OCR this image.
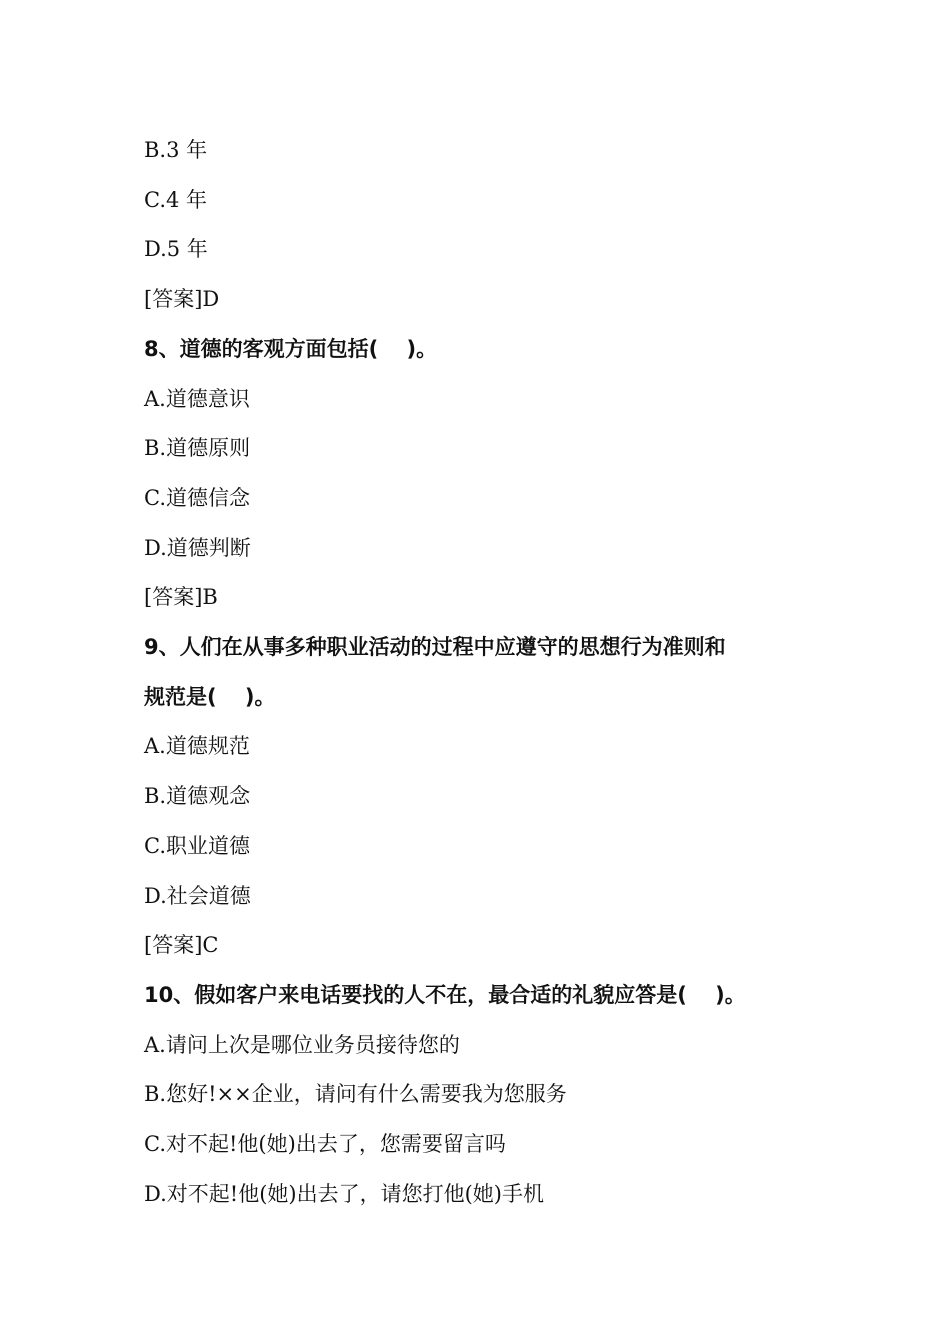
B.3 年
C.4 年
D.5 年
[答案]D
8、道德的客观方面包括(　 )。
A.道德意识
B.道德原则
C.道德信念
D.道德判断
[答案]B
9、人们在从事多种职业活动的过程中应遵守的思想行为准则和
规范是(　 )。
A.道德规范
B.道德观念
C.职业道德
D.社会道德
[答案]C
10、假如客户来电话要找的人不在，最合适的礼貌应答是(　 )。
A.请问上次是哪位业务员接待您的
B.您好!××企业，请问有什么需要我为您服务
C.对不起!他(她)出去了，您需要留言吗
D.对不起!他(她)出去了，请您打他(她)手机
